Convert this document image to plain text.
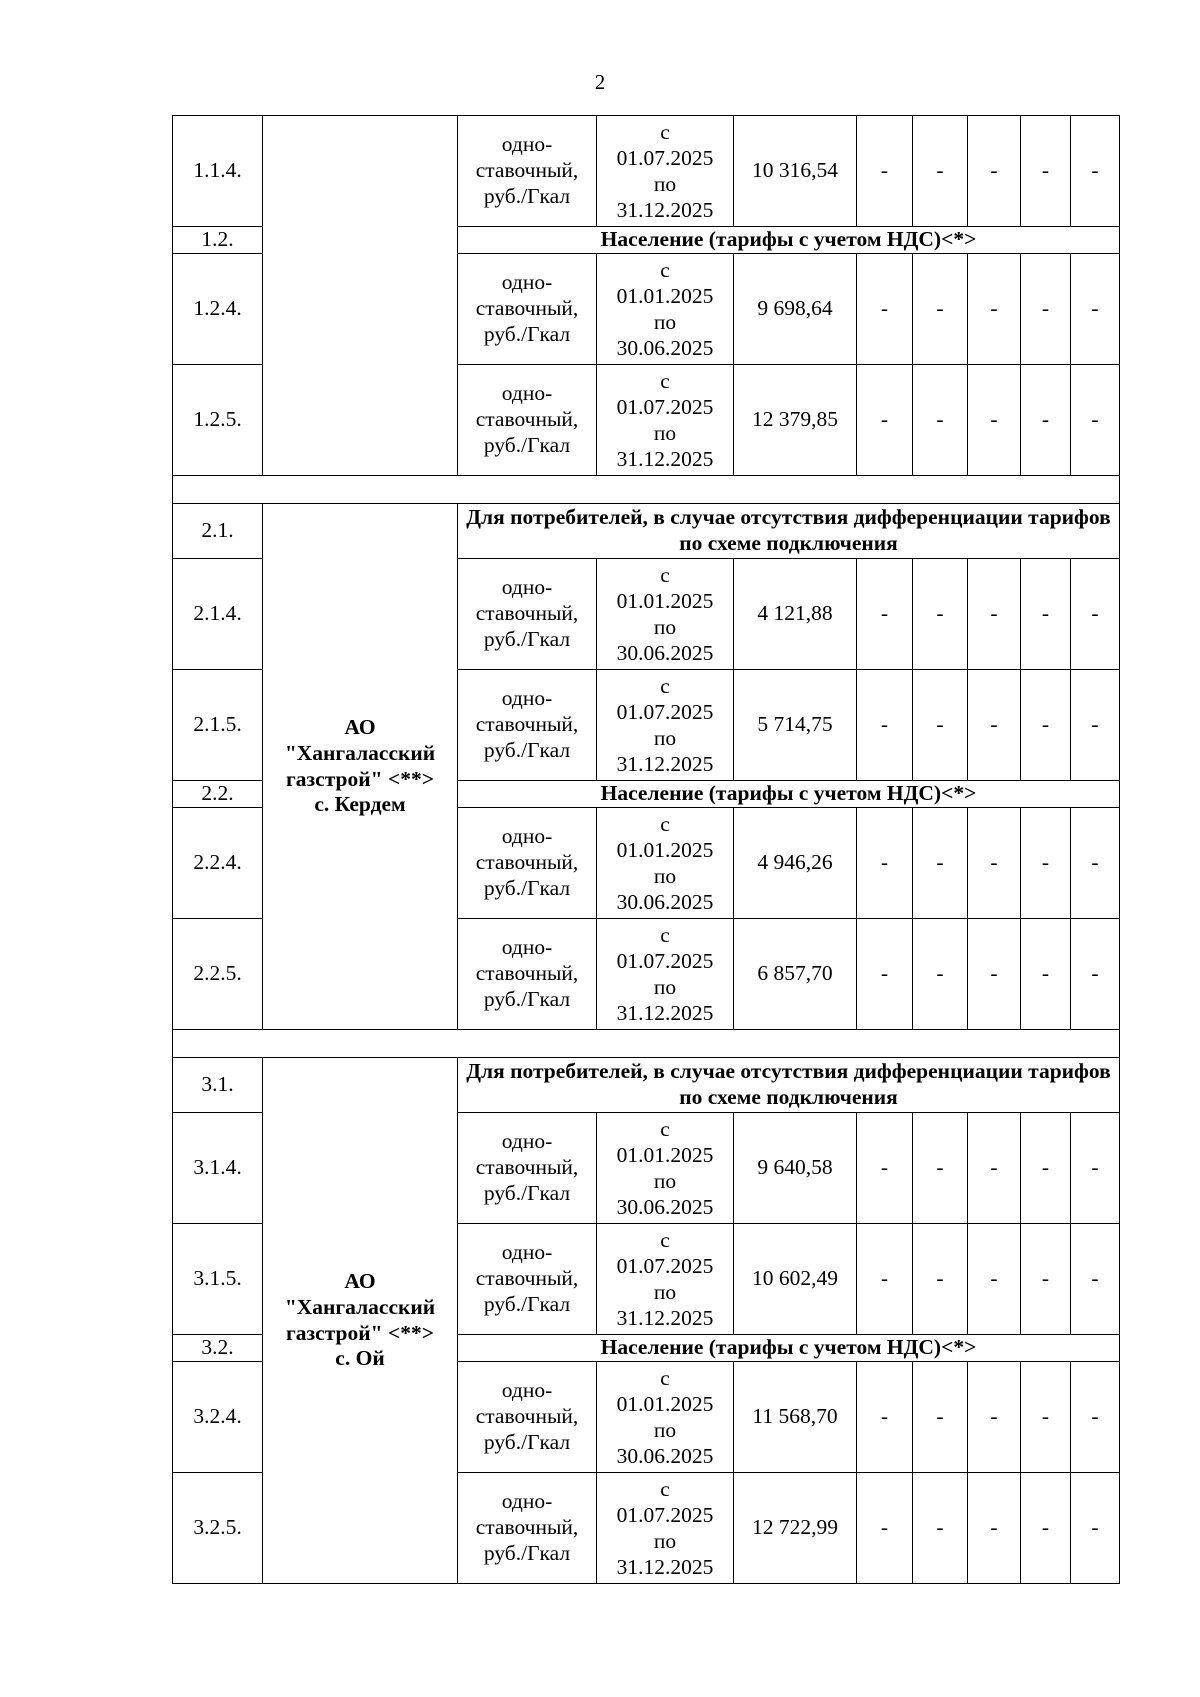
2
1.1.4.		одно-
ставочный,
руб./Гкал	с
01.07.2025
по
31.12.2025	10 316,54	-	-	-	-	-
1.2.		Население (тарифы с учетом НДС)<*>							
1.2.4.		одно-
ставочный,
руб./Гкал	с
01.01.2025
по
30.06.2025	9 698,64	-	-	-	-	-
1.2.5.		одно-
ставочный,
руб./Гкал	с
01.07.2025
по
31.12.2025	12 379,85	-	-	-	-	-

2.1.	АО
"Хангаласский
газстрой" <**>
с. Кердем	Для потребителей, в случае отсутствия дифференциации тарифов по схеме подключения							
2.1.4.		одно-
ставочный,
руб./Гкал	с
01.01.2025
по
30.06.2025	4 121,88	-	-	-	-	-
2.1.5.		одно-
ставочный,
руб./Гкал	с
01.07.2025
по
31.12.2025	5 714,75	-	-	-	-	-
2.2.		Население (тарифы с учетом НДС)<*>							
2.2.4.		одно-
ставочный,
руб./Гкал	с
01.01.2025
по
30.06.2025	4 946,26	-	-	-	-	-
2.2.5.		одно-
ставочный,
руб./Гкал	с
01.07.2025
по
31.12.2025	6 857,70	-	-	-	-	-

3.1.	АО
"Хангаласский
газстрой" <**>
с. Ой	Для потребителей, в случае отсутствия дифференциации тарифов по схеме подключения							
3.1.4.		одно-
ставочный,
руб./Гкал	с
01.01.2025
по
30.06.2025	9 640,58	-	-	-	-	-
3.1.5.		одно-
ставочный,
руб./Гкал	с
01.07.2025
по
31.12.2025	10 602,49	-	-	-	-	-
3.2.		Население (тарифы с учетом НДС)<*>							
3.2.4.		одно-
ставочный,
руб./Гкал	с
01.01.2025
по
30.06.2025	11 568,70	-	-	-	-	-
3.2.5.		одно-
ставочный,
руб./Гкал	с
01.07.2025
по
31.12.2025	12 722,99	-	-	-	-	-
